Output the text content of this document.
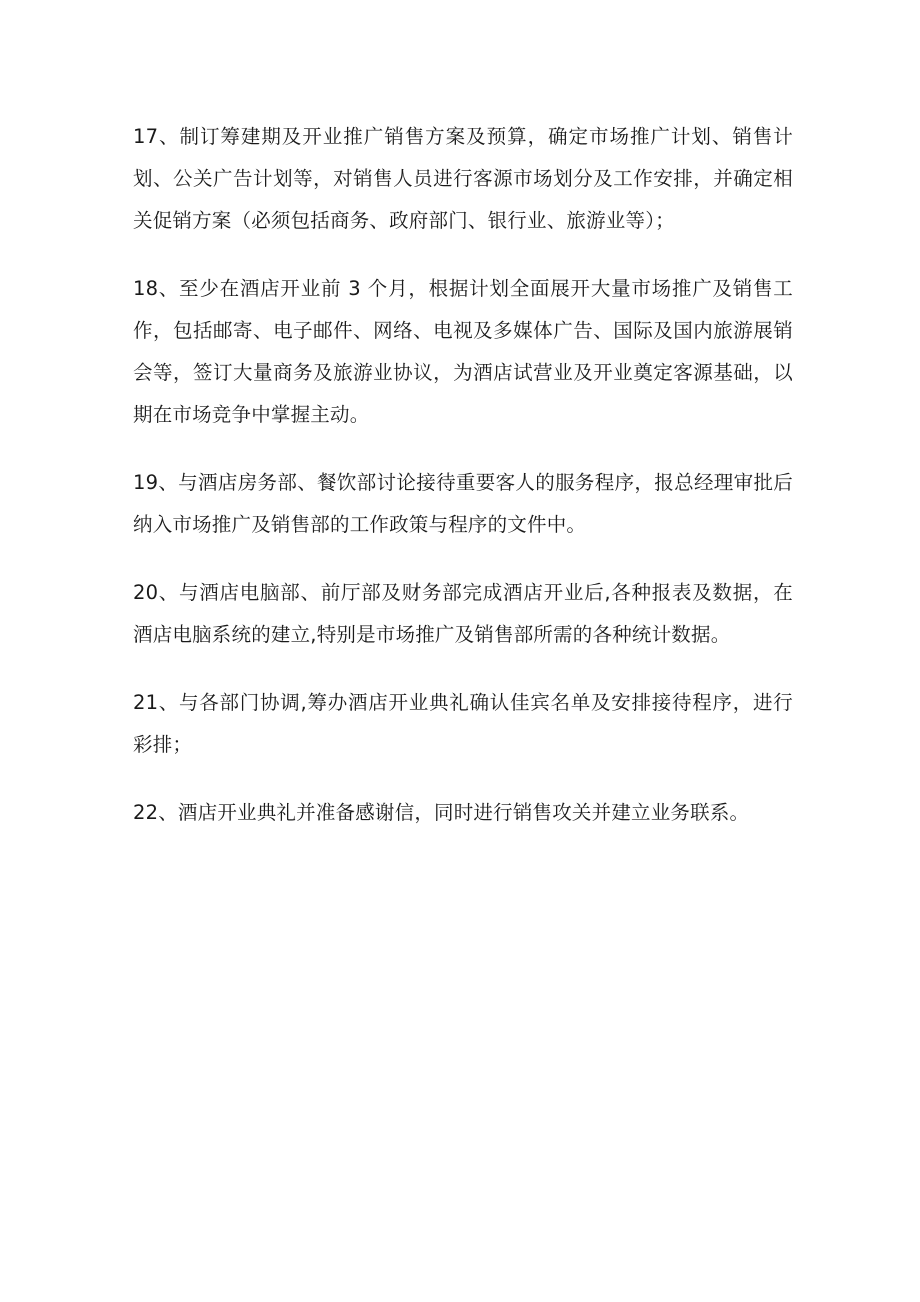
17、制订筹建期及开业推广销售方案及预算，确定市场推广计划、销售计划、公关广告计划等，对销售人员进行客源市场划分及工作安排，并确定相关促销方案（必须包括商务、政府部门、银行业、旅游业等）；

18、至少在酒店开业前 3 个月，根据计划全面展开大量市场推广及销售工作，包括邮寄、电子邮件、网络、电视及多媒体广告、国际及国内旅游展销会等，签订大量商务及旅游业协议，为酒店试营业及开业奠定客源基础，以期在市场竞争中掌握主动。

19、与酒店房务部、餐饮部讨论接待重要客人的服务程序，报总经理审批后纳入市场推广及销售部的工作政策与程序的文件中。

20、与酒店电脑部、前厅部及财务部完成酒店开业后,各种报表及数据，在酒店电脑系统的建立,特别是市场推广及销售部所需的各种统计数据。

21、与各部门协调,筹办酒店开业典礼确认佳宾名单及安排接待程序，进行彩排；

22、酒店开业典礼并准备感谢信，同时进行销售攻关并建立业务联系。
